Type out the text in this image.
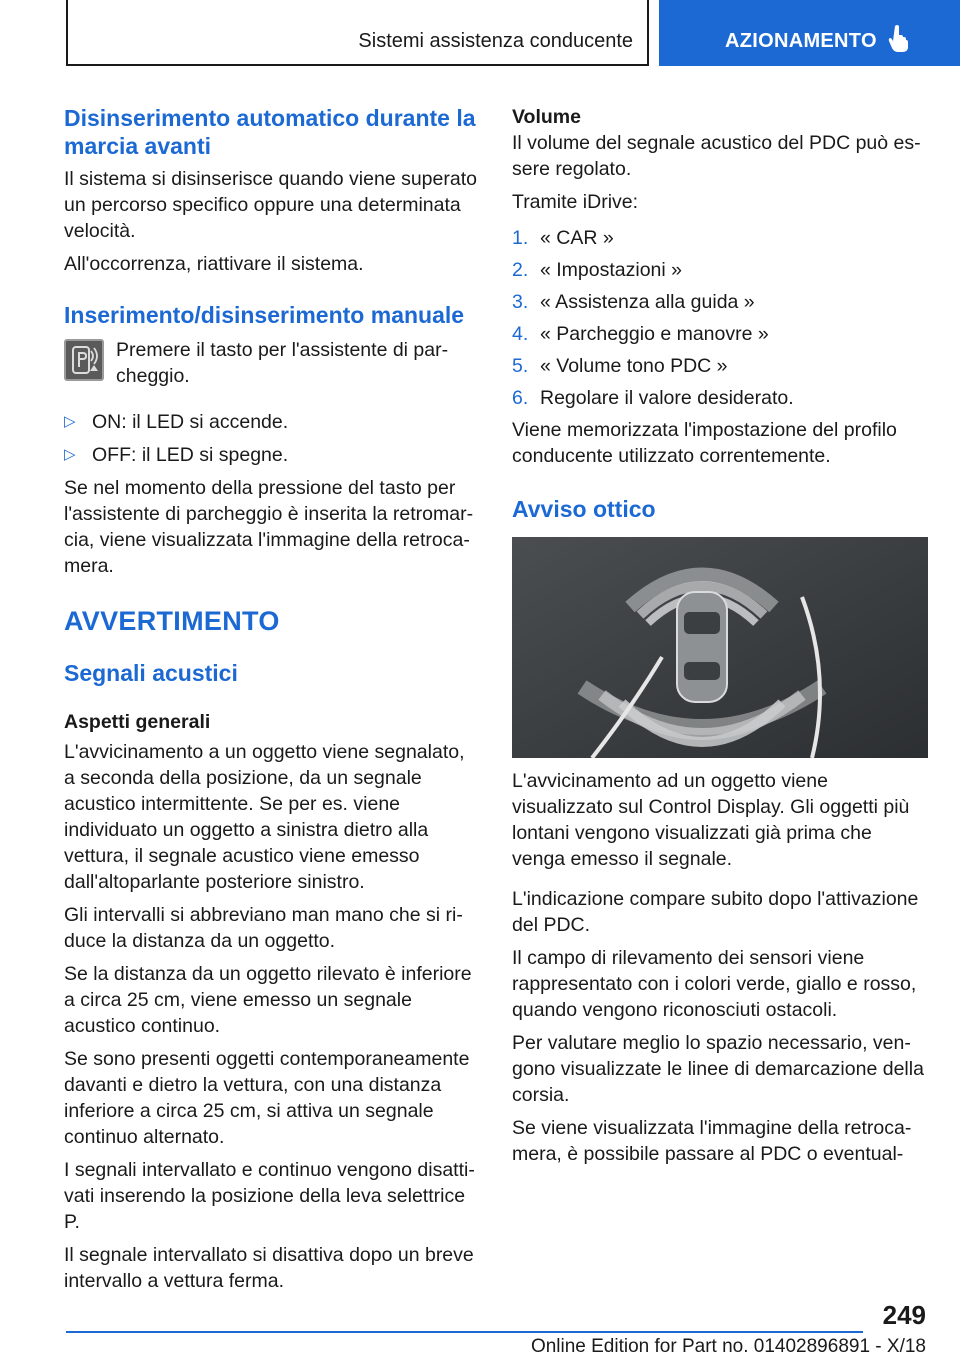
Sistemi assistenza conducente	AZIONAMENTO
Disinserimento automatico durante la marcia avanti

Il sistema si disinserisce quando viene superato un percorso specifico oppure una determinata velocità.

All'occorrenza, riattivare il sistema.

Inserimento/disinserimento manuale
Premere il tasto per l'assistente di parcheggio.
▷ ON: il LED si accende.
▷ OFF: il LED si spegne.

Se nel momento della pressione del tasto per l'assistente di parcheggio è inserita la retromarcia, viene visualizzata l'immagine della retrocamera.

AVVERTIMENTO
Segnali acustici
Aspetti generali

L'avvicinamento a un oggetto viene segnalato, a seconda della posizione, da un segnale acustico intermittente. Se per es. viene individuato un oggetto a sinistra dietro alla vettura, il segnale acustico viene emesso dall'altoparlante posteriore sinistro.

Gli intervalli si abbreviano man mano che si riduce la distanza da un oggetto.

Se la distanza da un oggetto rilevato è inferiore a circa 25 cm, viene emesso un segnale acustico continuo.

Se sono presenti oggetti contemporaneamente davanti e dietro la vettura, con una distanza inferiore a circa 25 cm, si attiva un segnale continuo alternato.

I segnali intervallato e continuo vengono disattivati inserendo la posizione della leva selettrice P.

Il segnale intervallato si disattiva dopo un breve intervallo a vettura ferma.

Volume

Il volume del segnale acustico del PDC può essere regolato.

Tramite iDrive:

1. « CAR »
2. « Impostazioni »
3. « Assistenza alla guida »
4. « Parcheggio e manovre »
5. « Volume tono PDC »
6. Regolare il valore desiderato.

Viene memorizzata l'impostazione del profilo conducente utilizzato correntemente.

Avviso ottico

L'avvicinamento ad un oggetto viene visualizzato sul Control Display. Gli oggetti più lontani vengono visualizzati già prima che venga emesso il segnale.

L'indicazione compare subito dopo l'attivazione del PDC.

Il campo di rilevamento dei sensori viene rappresentato con i colori verde, giallo e rosso, quando vengono riconosciuti ostacoli.

Per valutare meglio lo spazio necessario, vengono visualizzate le linee di demarcazione della corsia.

Se viene visualizzata l'immagine della retrocamera, è possibile passare al PDC o eventual-

249
Online Edition for Part no. 01402896891 - X/18
